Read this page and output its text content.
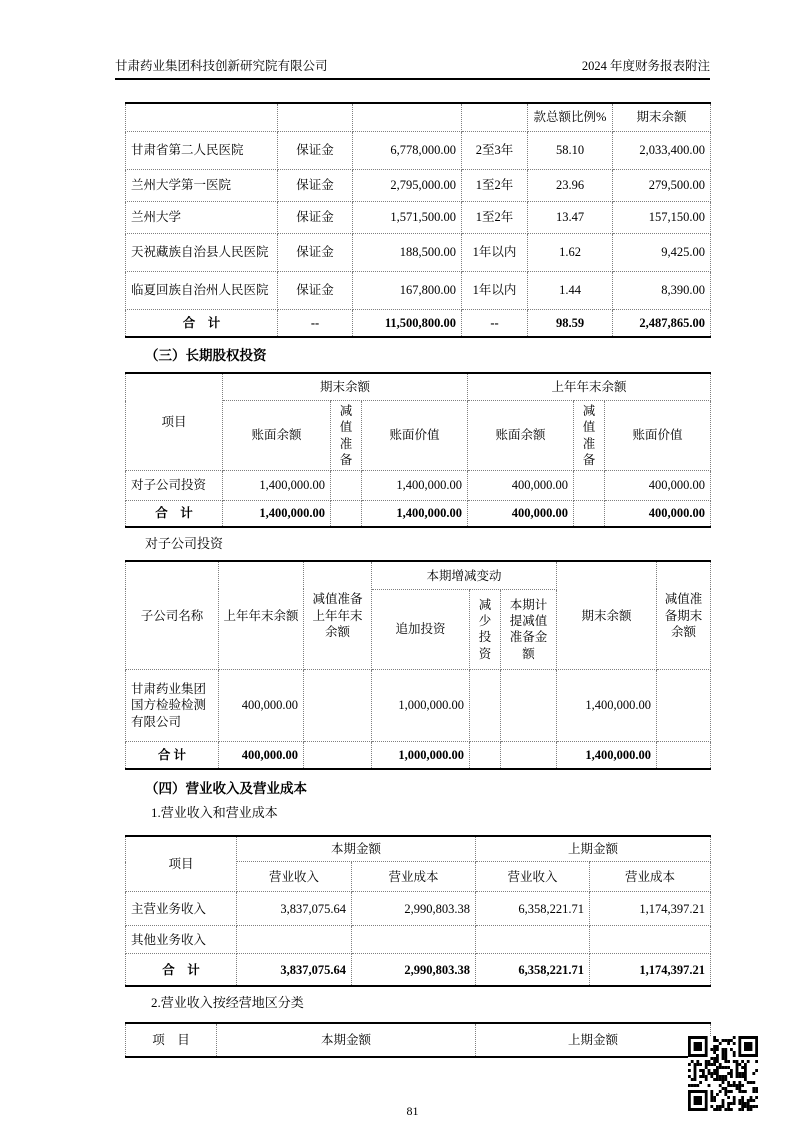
甘肃药业集团科技创新研究院有限公司	2024 年度财务报表附注
				款总额比例%	期末余额
甘肃省第二人民医院	保证金	6,778,000.00	2至3年	58.10	2,033,400.00
兰州大学第一医院	保证金	2,795,000.00	1至2年	23.96	279,500.00
兰州大学	保证金	1,571,500.00	1至2年	13.47	157,150.00
天祝藏族自治县人民医院	保证金	188,500.00	1年以内	1.62	9,425.00
临夏回族自治州人民医院	保证金	167,800.00	1年以内	1.44	8,390.00
合　计	--	11,500,800.00	--	98.59	2,487,865.00
（三）长期股权投资
项目	期末余额			上年年末余额		
	账面余额	减值准备	账面价值	账面余额	减值准备	账面价值
对子公司投资	1,400,000.00		1,400,000.00	400,000.00		400,000.00
合　计	1,400,000.00		1,400,000.00	400,000.00		400,000.00
对子公司投资
子公司名称	上年年末余额	减值准备上年年末余额	本期增减变动			期末余额	减值准备期末余额
			追加投资	减少投资	本期计提减值准备金额		
甘肃药业集团国方检验检测有限公司	400,000.00		1,000,000.00			1,400,000.00	
合 计	400,000.00		1,000,000.00			1,400,000.00	
（四）营业收入及营业成本
1.营业收入和营业成本
项目	本期金额		上期金额	
	营业收入	营业成本	营业收入	营业成本
主营业务收入	3,837,075.64	2,990,803.38	6,358,221.71	1,174,397.21
其他业务收入				
合　计	3,837,075.64	2,990,803.38	6,358,221.71	1,174,397.21
2.营业收入按经营地区分类
项　目	本期金额	上期金额
81
